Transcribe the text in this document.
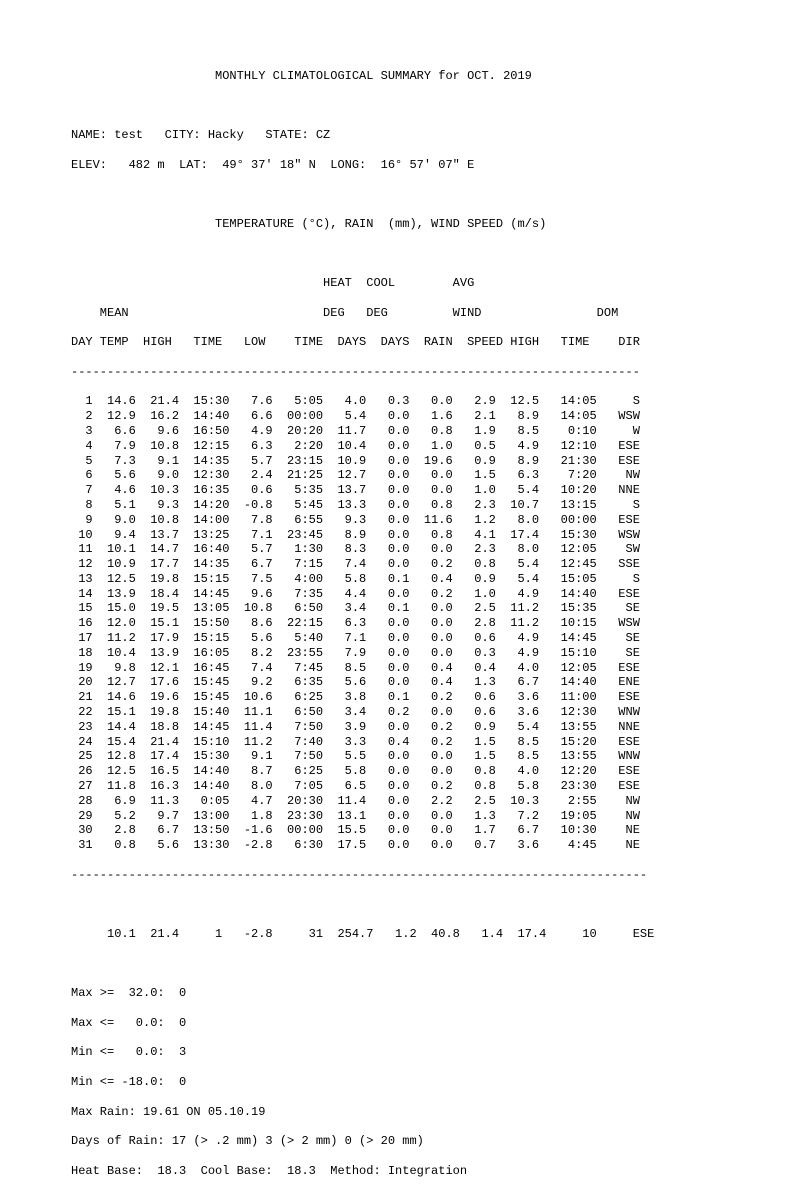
MONTHLY CLIMATOLOGICAL SUMMARY for OCT. 2019

NAME: test   CITY: Hacky   STATE: CZ

ELEV:   482 m  LAT:  49° 37' 18" N  LONG:  16° 57' 07" E

TEMPERATURE (°C), RAIN  (mm), WIND SPEED (m/s)

HEAT  COOL        AVG

MEAN                           DEG   DEG         WIND                DOM

DAY TEMP  HIGH   TIME   LOW    TIME  DAYS  DAYS  RAIN  SPEED HIGH   TIME    DIR

-------------------------------------------------------------------------------

1  14.6  21.4  15:30   7.6   5:05   4.0   0.3   0.0   2.9  12.5   14:05     S
2  12.9  16.2  14:40   6.6  00:00   5.4   0.0   1.6   2.1   8.9   14:05   WSW
3   6.6   9.6  16:50   4.9  20:20  11.7   0.0   0.8   1.9   8.5    0:10     W
4   7.9  10.8  12:15   6.3   2:20  10.4   0.0   1.0   0.5   4.9   12:10   ESE
5   7.3   9.1  14:35   5.7  23:15  10.9   0.0  19.6   0.9   8.9   21:30   ESE
6   5.6   9.0  12:30   2.4  21:25  12.7   0.0   0.0   1.5   6.3    7:20    NW
7   4.6  10.3  16:35   0.6   5:35  13.7   0.0   0.0   1.0   5.4   10:20   NNE
8   5.1   9.3  14:20  -0.8   5:45  13.3   0.0   0.8   2.3  10.7   13:15     S
9   9.0  10.8  14:00   7.8   6:55   9.3   0.0  11.6   1.2   8.0   00:00   ESE
10   9.4  13.7  13:25   7.1  23:45   8.9   0.0   0.8   4.1  17.4   15:30   WSW
11  10.1  14.7  16:40   5.7   1:30   8.3   0.0   0.0   2.3   8.0   12:05    SW
12  10.9  17.7  14:35   6.7   7:15   7.4   0.0   0.2   0.8   5.4   12:45   SSE
13  12.5  19.8  15:15   7.5   4:00   5.8   0.1   0.4   0.9   5.4   15:05     S
14  13.9  18.4  14:45   9.6   7:35   4.4   0.0   0.2   1.0   4.9   14:40   ESE
15  15.0  19.5  13:05  10.8   6:50   3.4   0.1   0.0   2.5  11.2   15:35    SE
16  12.0  15.1  15:50   8.6  22:15   6.3   0.0   0.0   2.8  11.2   10:15   WSW
17  11.2  17.9  15:15   5.6   5:40   7.1   0.0   0.0   0.6   4.9   14:45    SE
18  10.4  13.9  16:05   8.2  23:55   7.9   0.0   0.0   0.3   4.9   15:10    SE
19   9.8  12.1  16:45   7.4   7:45   8.5   0.0   0.4   0.4   4.0   12:05   ESE
20  12.7  17.6  15:45   9.2   6:35   5.6   0.0   0.4   1.3   6.7   14:40   ENE
21  14.6  19.6  15:45  10.6   6:25   3.8   0.1   0.2   0.6   3.6   11:00   ESE
22  15.1  19.8  15:40  11.1   6:50   3.4   0.2   0.0   0.6   3.6   12:30   WNW
23  14.4  18.8  14:45  11.4   7:50   3.9   0.0   0.2   0.9   5.4   13:55   NNE
24  15.4  21.4  15:10  11.2   7:40   3.3   0.4   0.2   1.5   8.5   15:20   ESE
25  12.8  17.4  15:30   9.1   7:50   5.5   0.0   0.0   1.5   8.5   13:55   WNW
26  12.5  16.5  14:40   8.7   6:25   5.8   0.0   0.0   0.8   4.0   12:20   ESE
27  11.8  16.3  14:40   8.0   7:05   6.5   0.0   0.2   0.8   5.8   23:30   ESE
28   6.9  11.3   0:05   4.7  20:30  11.4   0.0   2.2   2.5  10.3    2:55    NW
29   5.2   9.7  13:00   1.8  23:30  13.1   0.0   0.0   1.3   7.2   19:05    NW
30   2.8   6.7  13:50  -1.6  00:00  15.5   0.0   0.0   1.7   6.7   10:30    NE
31   0.8   5.6  13:30  -2.8   6:30  17.5   0.0   0.0   0.7   3.6    4:45    NE

--------------------------------------------------------------------------------

10.1  21.4     1   -2.8     31  254.7   1.2  40.8   1.4  17.4     10     ESE

Max >=  32.0:  0

Max <=   0.0:  0

Min <=   0.0:  3

Min <= -18.0:  0

Max Rain: 19.61 ON 05.10.19

Days of Rain: 17 (> .2 mm) 3 (> 2 mm) 0 (> 20 mm)

Heat Base:  18.3  Cool Base:  18.3  Method: Integration
